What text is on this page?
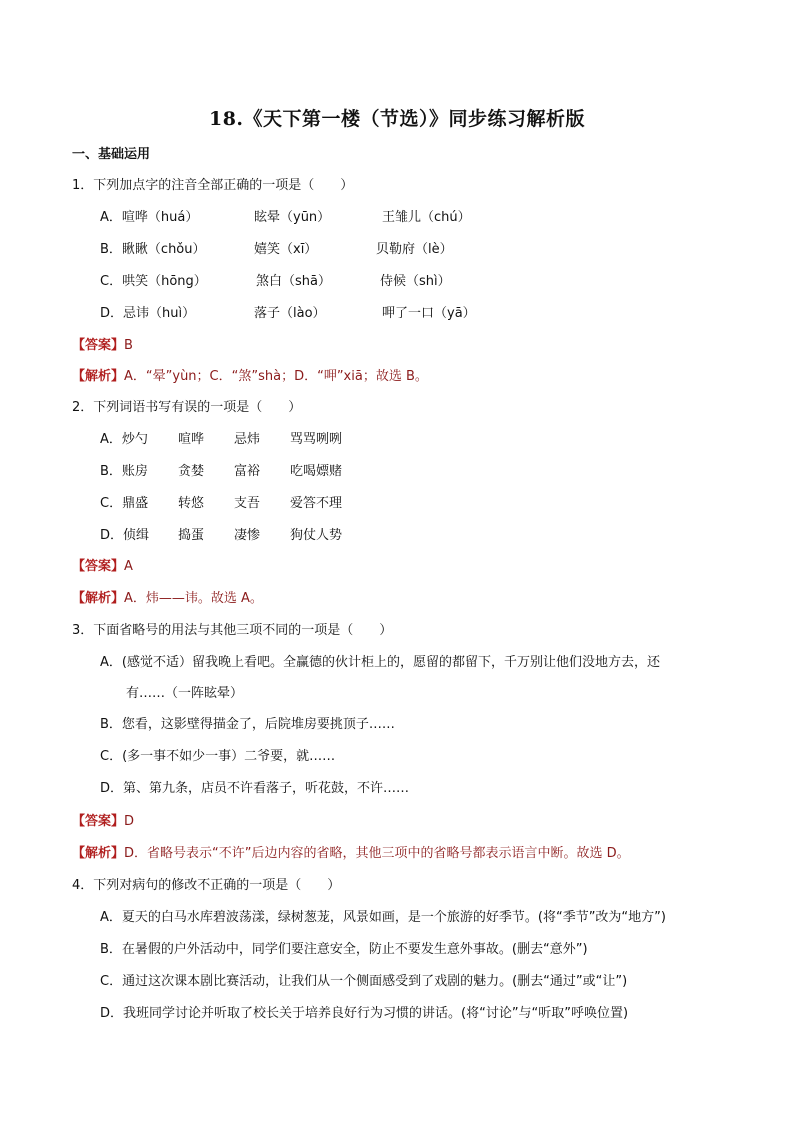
18.《天下第一楼（节选）》同步练习解析版
一、基础运用
1．下列加点字的注音全部正确的一项是（　　）
A．喧哗（huá）	眩晕（yūn）	王雏儿（chú）
B．瞅瞅（chǒu）	嬉笑（xī）	贝勒府（lè）
C．哄笑（hōng）	煞白（shā）	侍候（shì）
D．忌讳（huì）	落子（lào）	呷了一口（yā）
【答案】B
【解析】A．“晕”yùn；C．“煞”shà；D．“呷”xiā；故选 B。
2．下列词语书写有误的一项是（　　）
A．炒勺 喧哗 忌炜 骂骂咧咧
B．账房 贪婪 富裕 吃喝嫖赌
C．鼎盛 转悠 支吾 爱答不理
D．侦缉 捣蛋 凄惨 狗仗人势
【答案】A
【解析】A．炜——讳。故选 A。
3．下面省略号的用法与其他三项不同的一项是（　　）
A．(感觉不适）留我晚上看吧。全赢德的伙计柜上的，愿留的都留下，千万别让他们没地方去，还
有……（一阵眩晕）
B．您看，这影壁得描金了，后院堆房要挑顶子……
C．(多一事不如少一事）二爷要，就……
D．第、第九条，店员不许看落子，听花鼓，不许……
【答案】D
【解析】D．省略号表示“不许”后边内容的省略，其他三项中的省略号都表示语言中断。故选 D。
4．下列对病句的修改不正确的一项是（　　）
A．夏天的白马水库碧波荡漾，绿树葱茏，风景如画，是一个旅游的好季节。(将“季节”改为“地方”)
B．在暑假的户外活动中，同学们要注意安全，防止不要发生意外事故。(删去“意外”)
C．通过这次课本剧比赛活动，让我们从一个侧面感受到了戏剧的魅力。(删去“通过”或“让”)
D．我班同学讨论并听取了校长关于培养良好行为习惯的讲话。(将“讨论”与“听取”呼唤位置)
